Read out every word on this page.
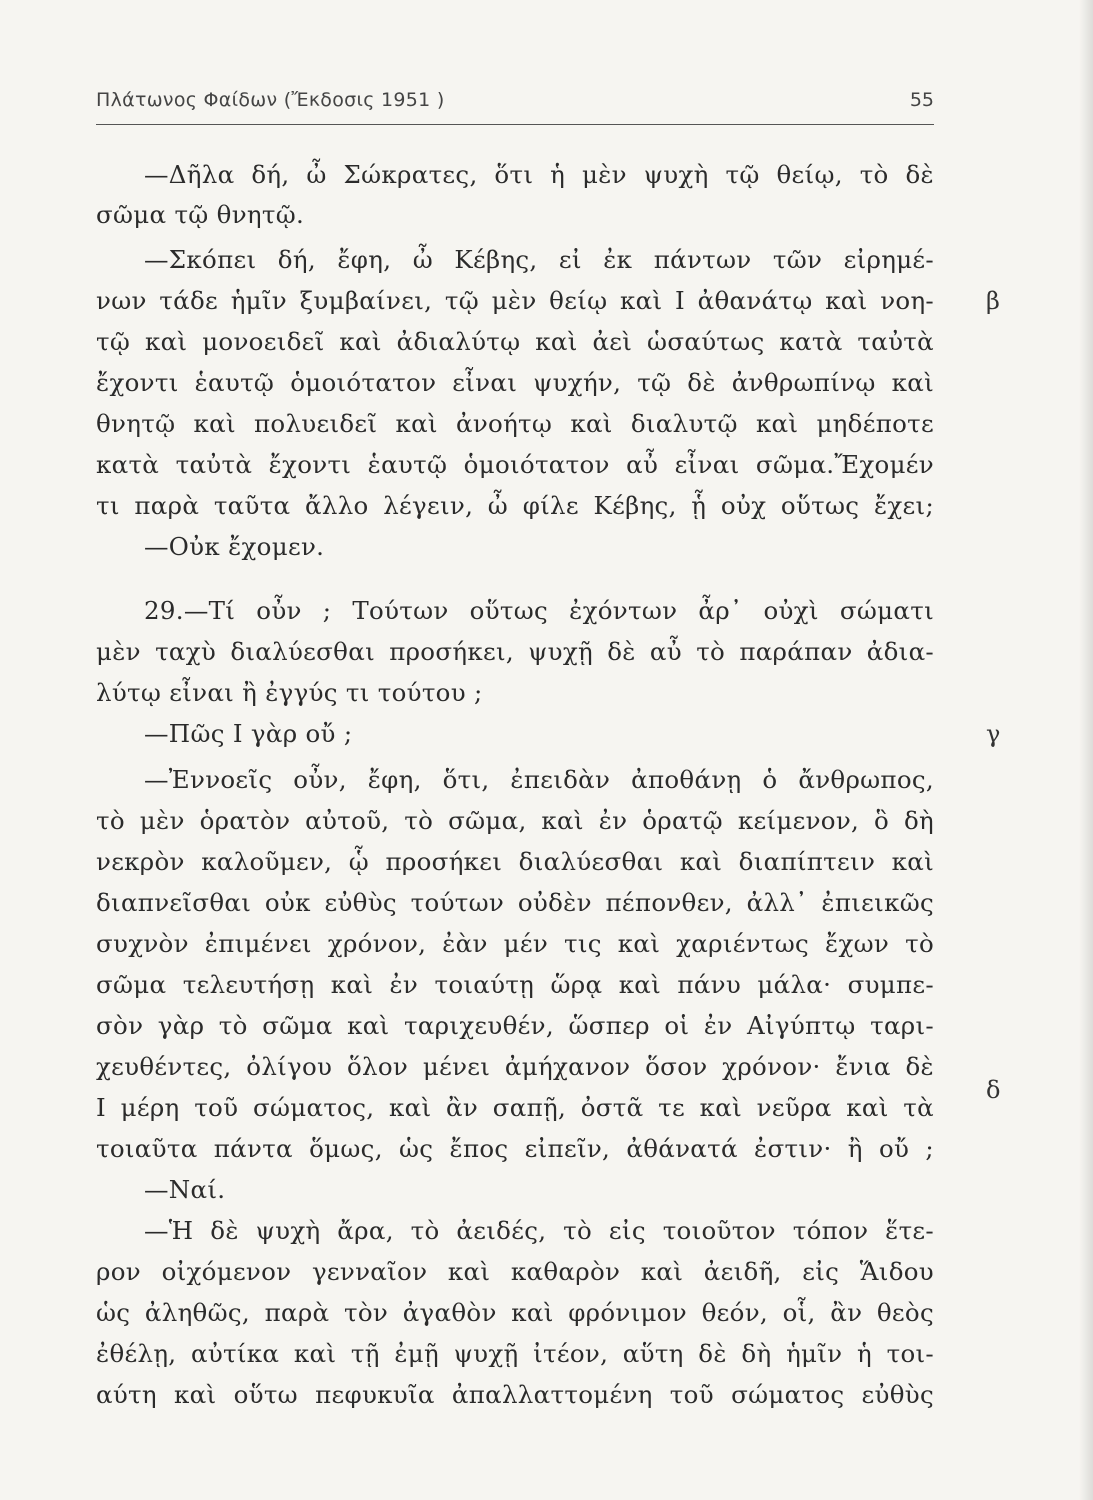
Πλάτωνος Φαίδων (Ἔκδοσις 1951 )	55
—Δῆλα δή, ὦ Σώκρατες, ὅτι ἡ μὲν ψυχὴ τῷ θείῳ, τὸ δὲ
σῶμα τῷ θνητῷ.
—Σκόπει δή, ἔφη, ὦ Κέβης, εἰ ἐκ πάντων τῶν εἰρημέ-
νων τάδε ἡμῖν ξυμβαίνει, τῷ μὲν θείῳ καὶ Ι ἀθανάτῳ καὶ νοη-
τῷ καὶ μονοειδεῖ καὶ ἀδιαλύτῳ καὶ ἀεὶ ὡσαύτως κατὰ ταὐτὰ
ἔχοντι ἑαυτῷ ὁμοιότατον εἶναι ψυχήν, τῷ δὲ ἀνθρωπίνῳ καὶ
θνητῷ καὶ πολυειδεῖ καὶ ἀνοήτῳ καὶ διαλυτῷ καὶ μηδέποτε
κατὰ ταὐτὰ ἔχοντι ἑαυτῷ ὁμοιότατον αὖ εἶναι σῶμα.Ἔχομέν
τι παρὰ ταῦτα ἄλλο λέγειν, ὦ φίλε Κέβης, ᾗ οὐχ οὕτως ἔχει;
—Οὐκ ἔχομεν.
29.—Τί οὖν ; Τούτων οὕτως ἐχόντων ἆρ᾽ οὐχὶ σώματι
μὲν ταχὺ διαλύεσθαι προσήκει, ψυχῇ δὲ αὖ τὸ παράπαν ἀδια-
λύτῳ εἶναι ἢ ἐγγύς τι τούτου ;
—Πῶς Ι γὰρ οὔ ;
—Ἐννοεῖς οὖν, ἔφη, ὅτι, ἐπειδὰν ἀποθάνῃ ὁ ἄνθρωπος,
τὸ μὲν ὁρατὸν αὐτοῦ, τὸ σῶμα, καὶ ἐν ὁρατῷ κείμενον, ὃ δὴ
νεκρὸν καλοῦμεν, ᾧ προσήκει διαλύεσθαι καὶ διαπίπτειν καὶ
διαπνεῖσθαι οὐκ εὐθὺς τούτων οὐδὲν πέπονθεν, ἀλλ᾽ ἐπιεικῶς
συχνὸν ἐπιμένει χρόνον, ἐὰν μέν τις καὶ χαριέντως ἔχων τὸ
σῶμα τελευτήσῃ καὶ ἐν τοιαύτῃ ὥρᾳ καὶ πάνυ μάλα· συμπε-
σὸν γὰρ τὸ σῶμα καὶ ταριχευθέν, ὥσπερ οἱ ἐν Αἰγύπτῳ ταρι-
χευθέντες, ὀλίγου ὅλον μένει ἀμήχανον ὅσον χρόνον· ἔνια δὲ
Ι μέρη τοῦ σώματος, καὶ ἂν σαπῇ, ὀστᾶ τε καὶ νεῦρα καὶ τὰ
τοιαῦτα πάντα ὅμως, ὡς ἔπος εἰπεῖν, ἀθάνατά ἐστιν· ἢ οὔ ;
—Ναί.
—Ἡ δὲ ψυχὴ ἄρα, τὸ ἀειδές, τὸ εἰς τοιοῦτον τόπον ἕτε-
ρον οἰχόμενον γενναῖον καὶ καθαρὸν καὶ ἀειδῆ, εἰς Ἅιδου
ὡς ἀληθῶς, παρὰ τὸν ἀγαθὸν καὶ φρόνιμον θεόν, οἷ, ἂν θεὸς
ἐθέλῃ, αὐτίκα καὶ τῇ ἐμῇ ψυχῇ ἰτέον, αὕτη δὲ δὴ ἡμῖν ἡ τοι-
αύτη καὶ οὕτω πεφυκυῖα ἀπαλλαττομένη τοῦ σώματος εὐθὺς
β
γ
δ
